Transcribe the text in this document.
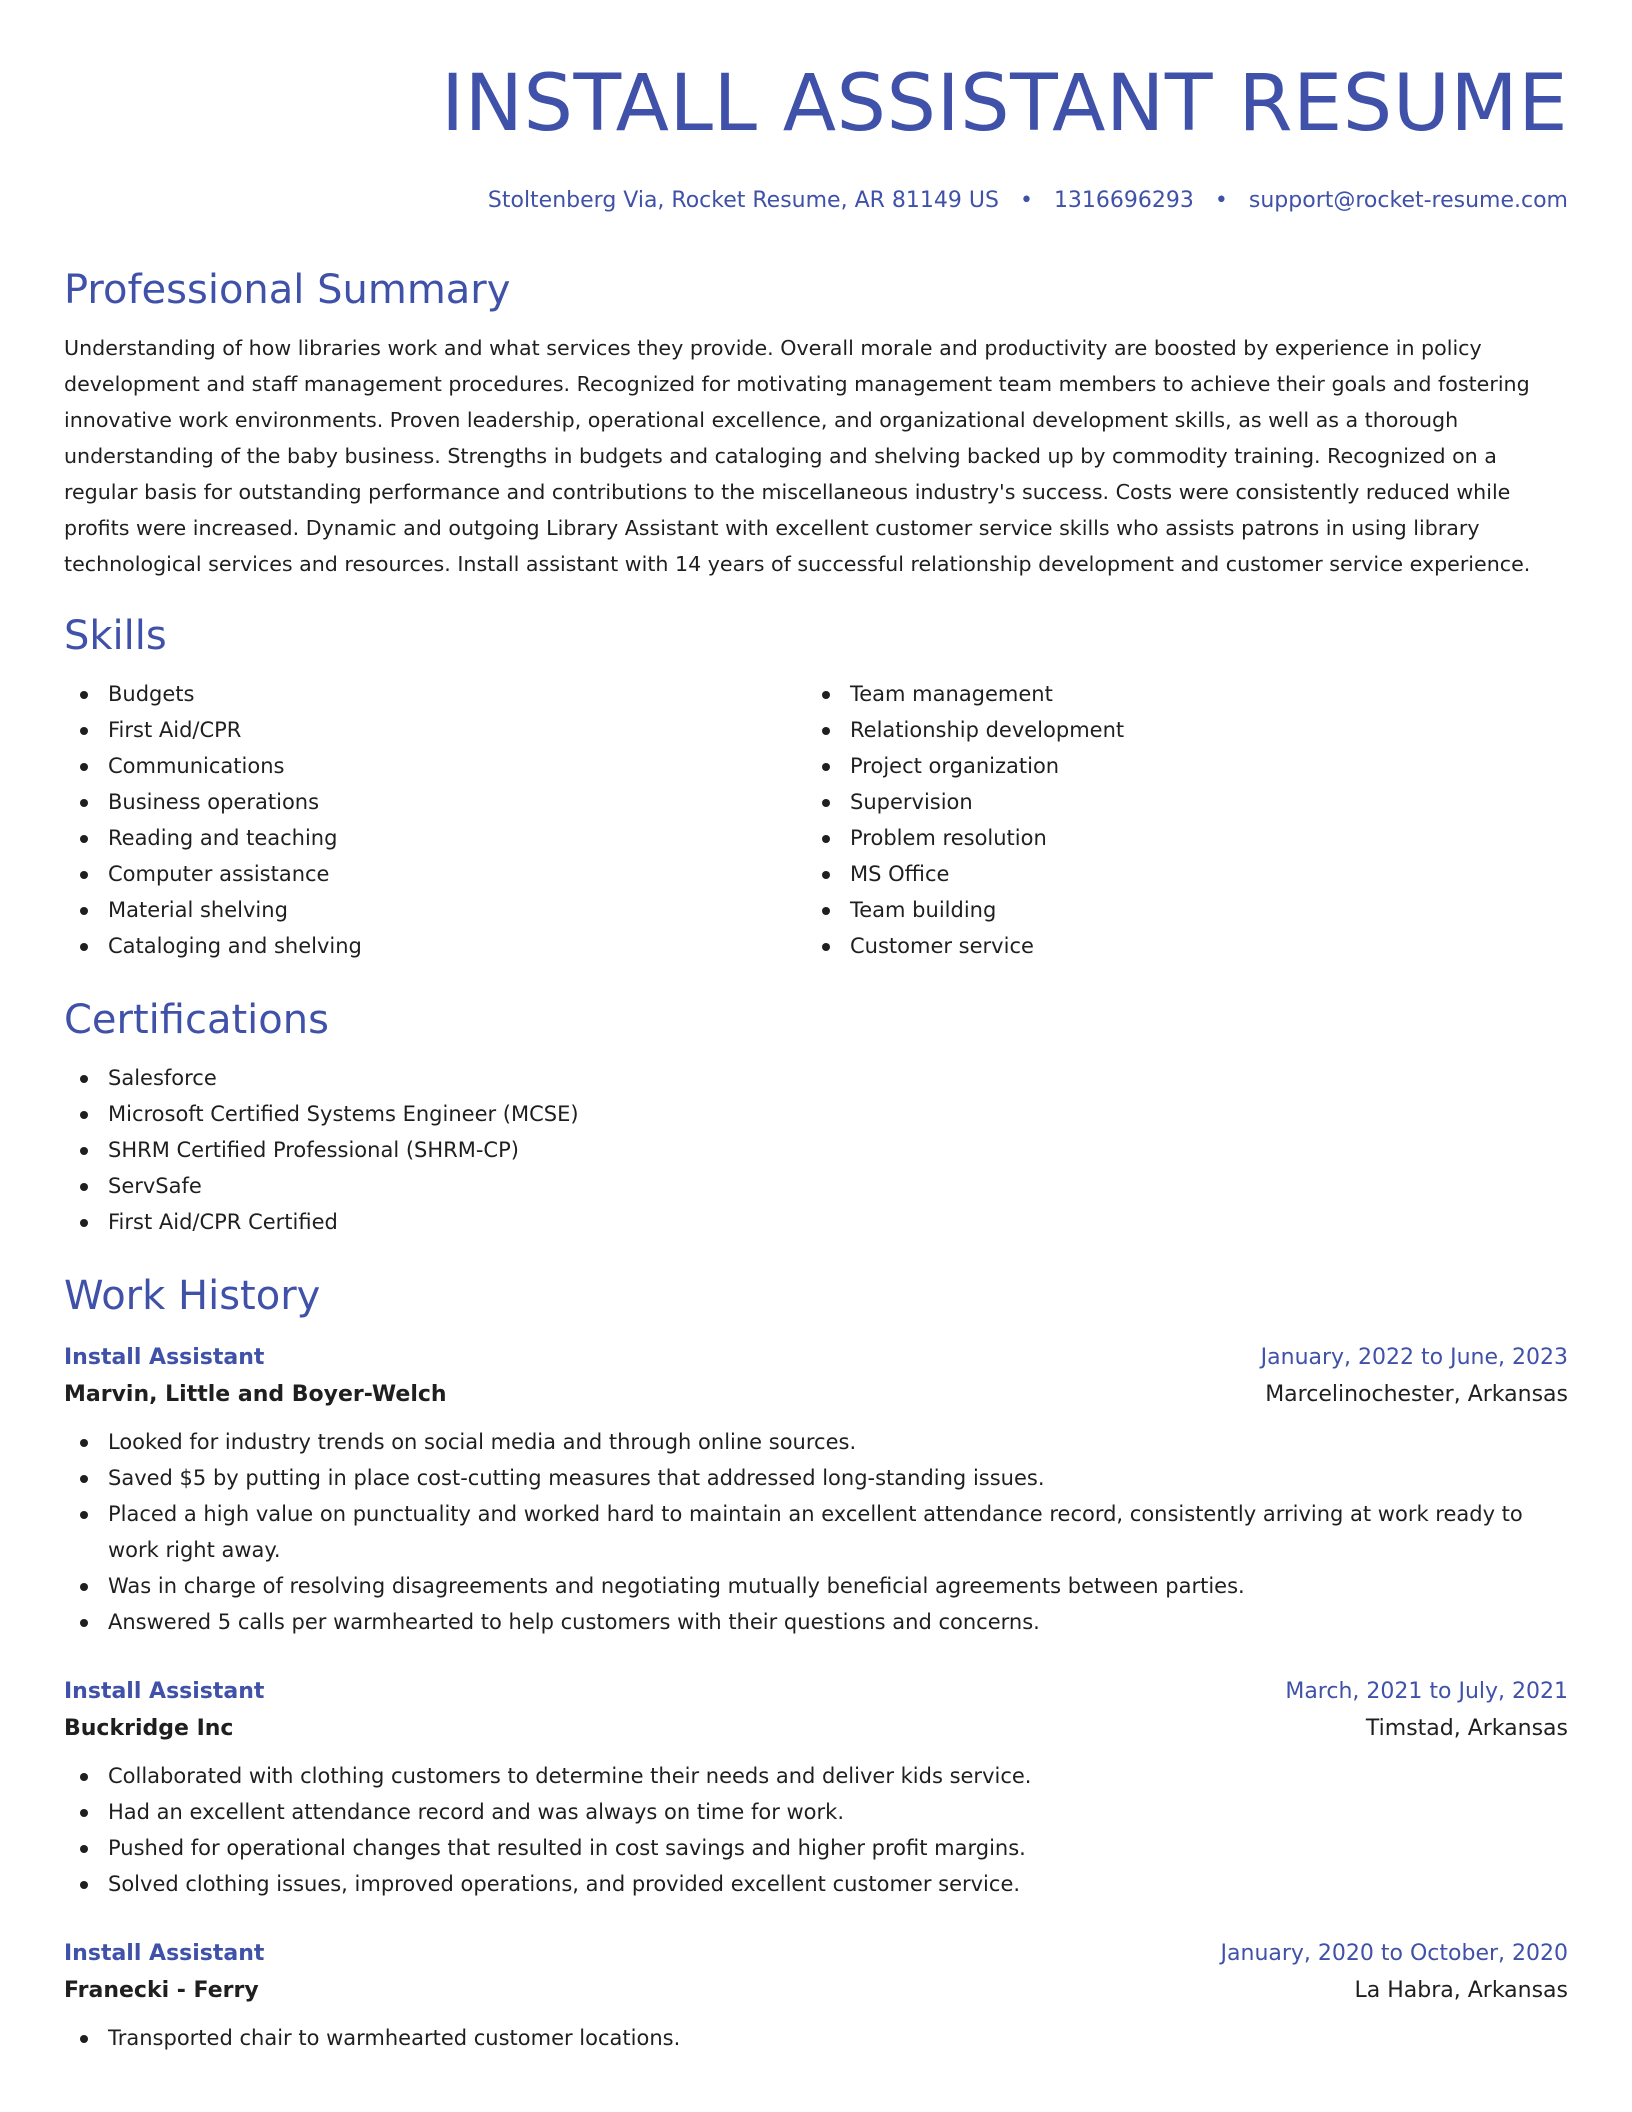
INSTALL ASSISTANT RESUME
Stoltenberg Via, Rocket Resume, AR 81149 US • 1316696293 • support@rocket-resume.com
Professional Summary

Understanding of how libraries work and what services they provide. Overall morale and productivity are boosted by experience in policy development and staff management procedures. Recognized for motivating management team members to achieve their goals and fostering innovative work environments. Proven leadership, operational excellence, and organizational development skills, as well as a thorough understanding of the baby business. Strengths in budgets and cataloging and shelving backed up by commodity training. Recognized on a regular basis for outstanding performance and contributions to the miscellaneous industry's success. Costs were consistently reduced while profits were increased. Dynamic and outgoing Library Assistant with excellent customer service skills who assists patrons in using library technological services and resources. Install assistant with 14 years of successful relationship development and customer service experience.

Skills
Budgets
First Aid/CPR
Communications
Business operations
Reading and teaching
Computer assistance
Material shelving
Cataloging and shelving
Team management
Relationship development
Project organization
Supervision
Problem resolution
MS Office
Team building
Customer service
Certifications
Salesforce
Microsoft Certified Systems Engineer (MCSE)
SHRM Certified Professional (SHRM-CP)
ServSafe
First Aid/CPR Certified
Work History
Install Assistant	January, 2022 to June, 2023
Marvin, Little and Boyer-Welch	Marcelinochester, Arkansas
Looked for industry trends on social media and through online sources.
Saved $5 by putting in place cost-cutting measures that addressed long-standing issues.
Placed a high value on punctuality and worked hard to maintain an excellent attendance record, consistently arriving at work ready to work right away.
Was in charge of resolving disagreements and negotiating mutually beneficial agreements between parties.
Answered 5 calls per warmhearted to help customers with their questions and concerns.
Install Assistant	March, 2021 to July, 2021
Buckridge Inc	Timstad, Arkansas
Collaborated with clothing customers to determine their needs and deliver kids service.
Had an excellent attendance record and was always on time for work.
Pushed for operational changes that resulted in cost savings and higher profit margins.
Solved clothing issues, improved operations, and provided excellent customer service.
Install Assistant	January, 2020 to October, 2020
Franecki - Ferry	La Habra, Arkansas
Transported chair to warmhearted customer locations.
